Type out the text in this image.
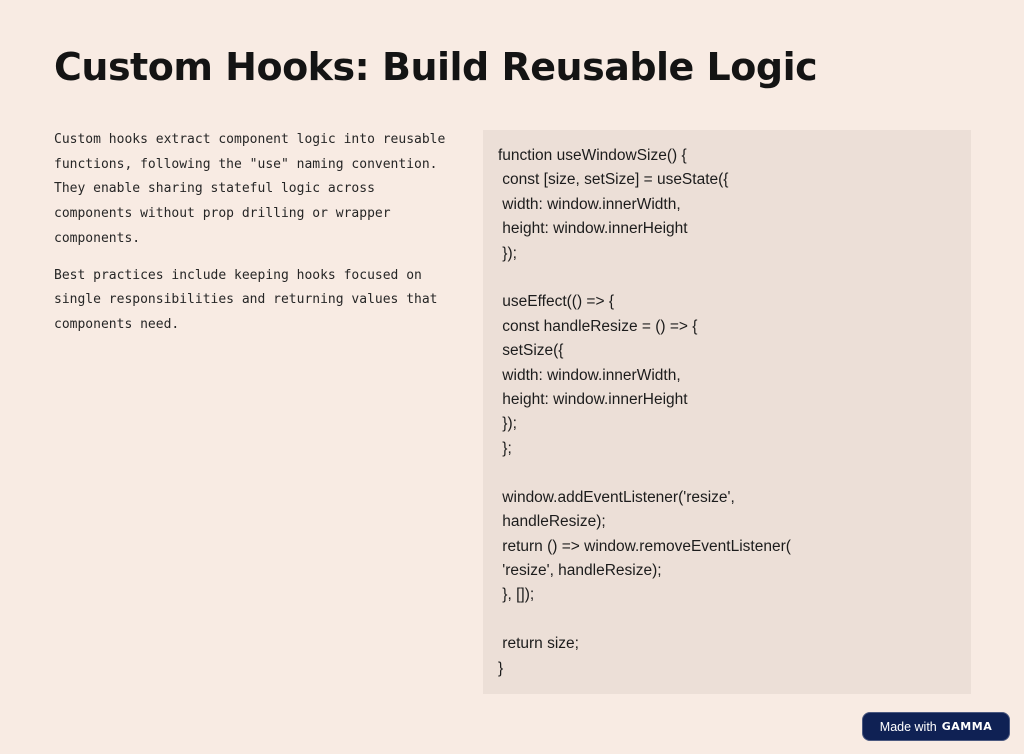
Custom Hooks: Build Reusable Logic

Custom hooks extract component logic into reusable functions, following the "use" naming convention. They enable sharing stateful logic across components without prop drilling or wrapper components.

Best practices include keeping hooks focused on single responsibilities and returning values that components need.

function useWindowSize() {
const [size, setSize] = useState({
width: window.innerWidth,
height: window.innerHeight
});

useEffect(() => {
const handleResize = () => {
setSize({
width: window.innerWidth,
height: window.innerHeight
});
};

window.addEventListener('resize',
handleResize);
return () => window.removeEventListener(
'resize', handleResize);
}, []);

return size;
}
Made with GAMMA
